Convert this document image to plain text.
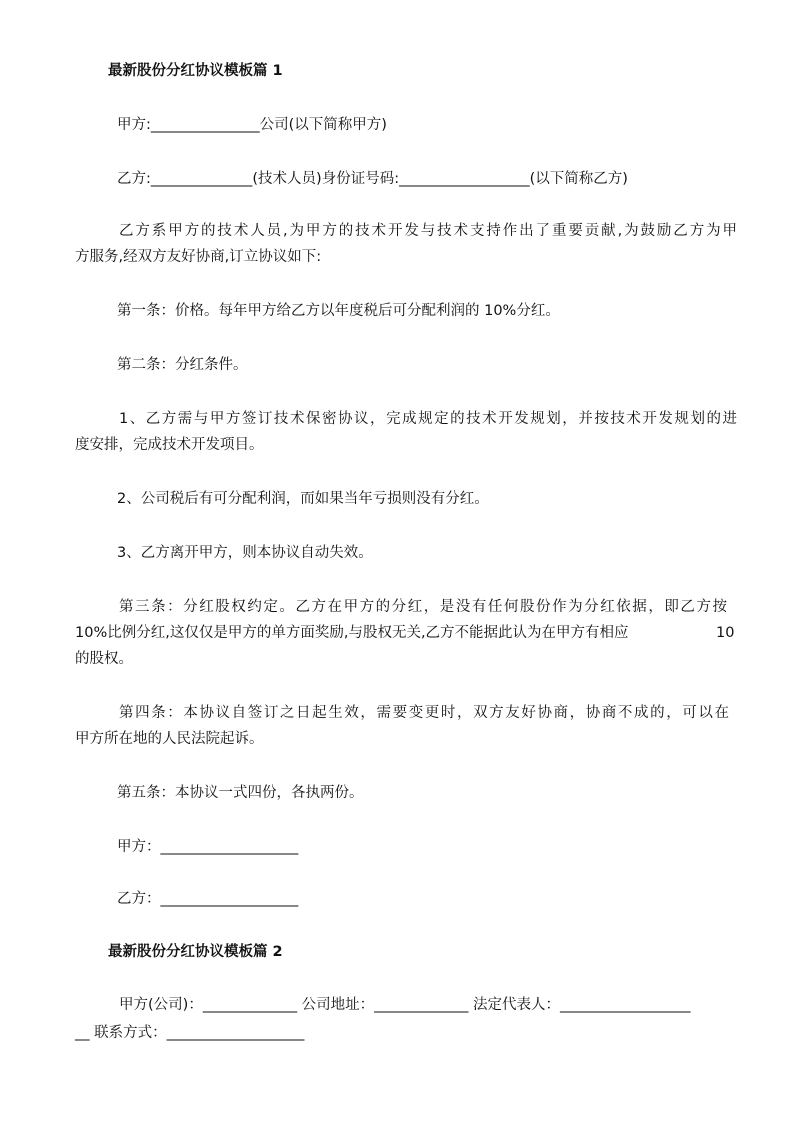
最新股份分红协议模板篇 1
甲方:_______________公司(以下简称甲方)
乙方:______________(技术人员)身份证号码:__________________(以下简称乙方)
乙方系甲方的技术人员,为甲方的技术开发与技术支持作出了重要贡献,为鼓励乙方为甲
方服务,经双方友好协商,订立协议如下:
第一条：价格。每年甲方给乙方以年度税后可分配利润的 10%分红。
第二条：分红条件。
1、乙方需与甲方签订技术保密协议，完成规定的技术开发规划，并按技术开发规划的进
度安排，完成技术开发项目。
2、公司税后有可分配利润，而如果当年亏损则没有分红。
3、乙方离开甲方，则本协议自动失效。
第三条：分红股权约定。乙方在甲方的分红，是没有任何股份作为分红依据，即乙方按
10%比例分红,这仅仅是甲方的单方面奖励,与股权无关,乙方不能据此认为在甲方有相应	10
的股权。
第四条：本协议自签订之日起生效，需要变更时，双方友好协商，协商不成的，可以在
甲方所在地的人民法院起诉。
第五条：本协议一式四份，各执两份。
甲方：___________________
乙方：___________________
最新股份分红协议模板篇 2
甲方(公司)：_____________ 公司地址：_____________ 法定代表人：__________________
__ 联系方式：___________________
